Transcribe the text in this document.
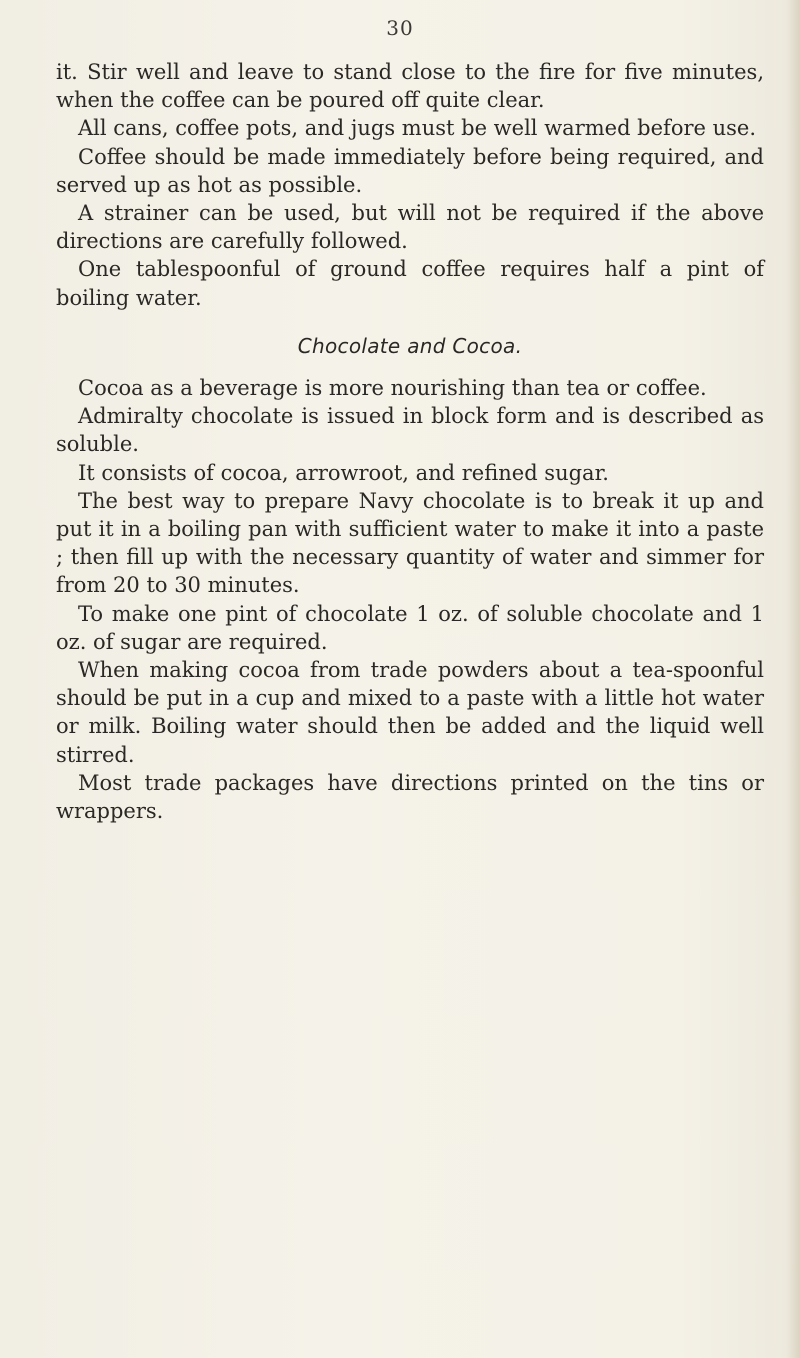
30

it. Stir well and leave to stand close to the fire for five minutes, when the coffee can be poured off quite clear.

All cans, coffee pots, and jugs must be well warmed before use.

Coffee should be made immediately before being required, and served up as hot as possible.

A strainer can be used, but will not be required if the above directions are carefully followed.

One tablespoonful of ground coffee requires half a pint of boiling water.

Chocolate and Cocoa.

Cocoa as a beverage is more nourishing than tea or coffee.

Admiralty chocolate is issued in block form and is described as soluble.

It consists of cocoa, arrowroot, and refined sugar.

The best way to prepare Navy chocolate is to break it up and put it in a boiling pan with sufficient water to make it into a paste ; then fill up with the necessary quantity of water and simmer for from 20 to 30 minutes.

To make one pint of chocolate 1 oz. of soluble chocolate and 1 oz. of sugar are required.

When making cocoa from trade powders about a tea-spoonful should be put in a cup and mixed to a paste with a little hot water or milk. Boiling water should then be added and the liquid well stirred.

Most trade packages have directions printed on the tins or wrappers.
